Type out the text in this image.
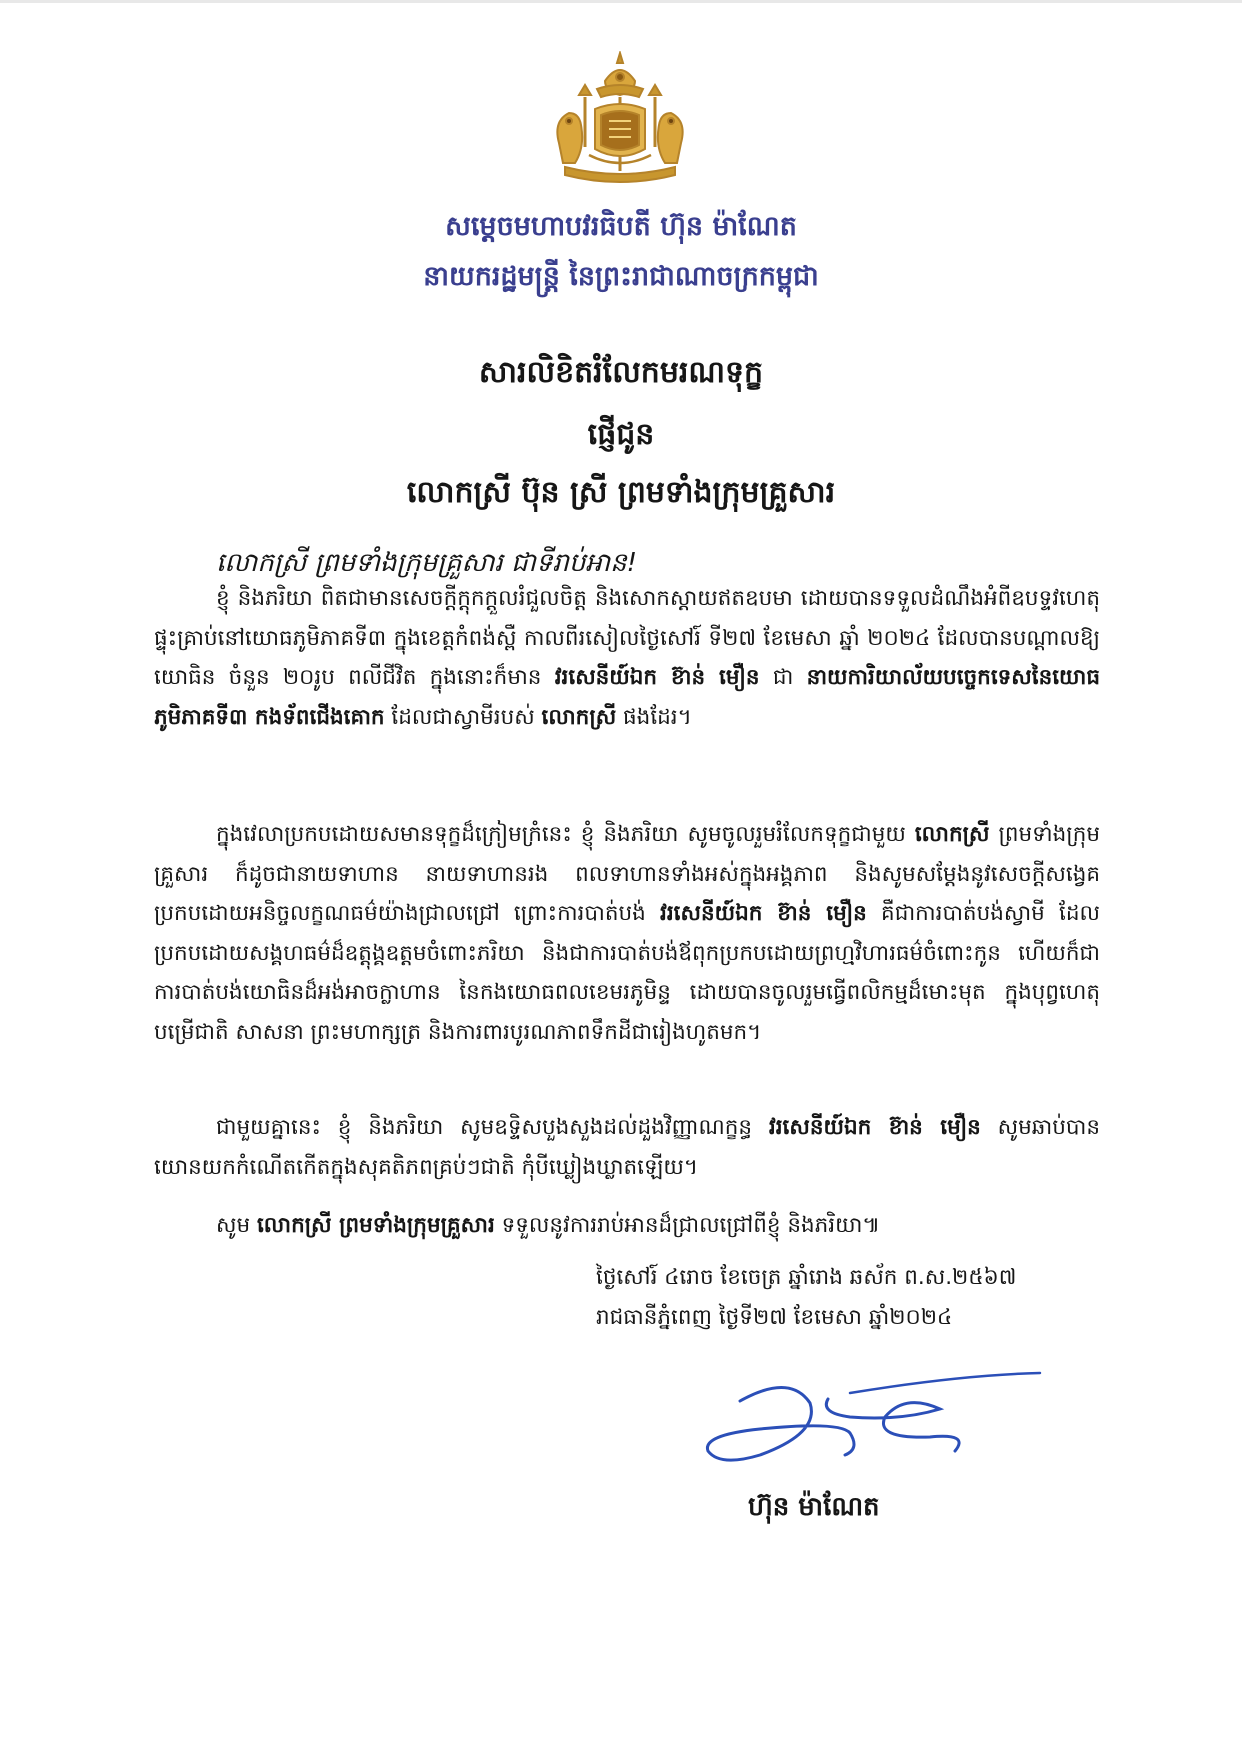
សម្ដេចមហាបវរធិបតី ហ៊ុន ម៉ាណែត
នាយករដ្ឋមន្ត្រី នៃព្រះរាជាណាចក្រកម្ពុជា
សារលិខិតរំលែកមរណទុក្ខ
ផ្ញើជូន
លោកស្រី ប៊ុន ស្រី ព្រមទាំងក្រុមគ្រួសារ
លោកស្រី ព្រមទាំងក្រុមគ្រួសារ ជាទីរាប់អាន!

ខ្ញុំ និងភរិយា ពិតជាមានសេចក្ដីក្ដុកក្ដួលរំជួលចិត្ត និងសោកស្ដាយឥតឧបមា ដោយបានទទួលដំណឹងអំពីឧបទ្ទវហេតុផ្ទុះគ្រាប់នៅយោធភូមិភាគទី៣ ក្នុងខេត្តកំពង់ស្ពឺ កាលពីរសៀលថ្ងៃសៅរ៍ ទី២៧ ខែមេសា ឆ្នាំ ២០២៤ ដែលបានបណ្ដាលឱ្យយោធិន ចំនួន ២០រូប ពលីជីវិត ក្នុងនោះក៏មាន វរសេនីយ៍ឯក ខ៊ាន់ មឿន ជា នាយការិយាល័យបច្ចេកទេសនៃយោធភូមិភាគទី៣ កងទ័ពជើងគោក ដែលជាស្វាមីរបស់ លោកស្រី ផងដែរ។

ក្នុងវេលាប្រកបដោយសមានទុក្ខដ៏ក្រៀមក្រំនេះ ខ្ញុំ និងភរិយា សូមចូលរួមរំលែកទុក្ខជាមួយ លោកស្រី ព្រមទាំងក្រុមគ្រួសារ ក៏ដូចជានាយទាហាន នាយទាហានរង ពលទាហានទាំងអស់ក្នុងអង្គភាព និងសូមសម្ដែងនូវសេចក្ដីសង្វេគប្រកបដោយអនិច្ចលក្ខណធម៌យ៉ាងជ្រាលជ្រៅ ព្រោះការបាត់បង់ វរសេនីយ៍ឯក ខ៊ាន់ មឿន គឺជាការបាត់បង់ស្វាមី ដែលប្រកបដោយសង្គហធម៌ដ៏ឧត្តុង្គឧត្តមចំពោះភរិយា និងជាការបាត់បង់ឪពុកប្រកបដោយព្រហ្មវិហារធម៌ចំពោះកូន ហើយក៏ជាការបាត់បង់យោធិនដ៏អង់អាចក្លាហាន នៃកងយោធពលខេមរភូមិន្ទ ដោយបានចូលរួមធ្វើពលិកម្មដ៏មោះមុត ក្នុងបុព្វហេតុបម្រើជាតិ សាសនា ព្រះមហាក្សត្រ និងការពារបូរណភាពទឹកដីជារៀងហូតមក។

ជាមួយគ្នានេះ ខ្ញុំ និងភរិយា សូមឧទ្ទិសបួងសួងដល់ដួងវិញ្ញាណក្ខន្ធ វរសេនីយ៍ឯក ខ៊ាន់ មឿន សូមឆាប់បានយោនយកកំណើតកើតក្នុងសុគតិភពគ្រប់ៗជាតិ កុំបីឃ្លៀងឃ្លាតឡើយ។

សូម លោកស្រី ព្រមទាំងក្រុមគ្រួសារ ទទួលនូវការរាប់អានដ៏ជ្រាលជ្រៅពីខ្ញុំ និងភរិយា៕

ថ្ងៃសៅរ៍ ៤រោច ខែចេត្រ ឆ្នាំរោង ឆស័ក ព.ស.២៥៦៧
រាជធានីភ្នំពេញ ថ្ងៃទី២៧ ខែមេសា ឆ្នាំ២០២៤
ហ៊ុន ម៉ាណែត
